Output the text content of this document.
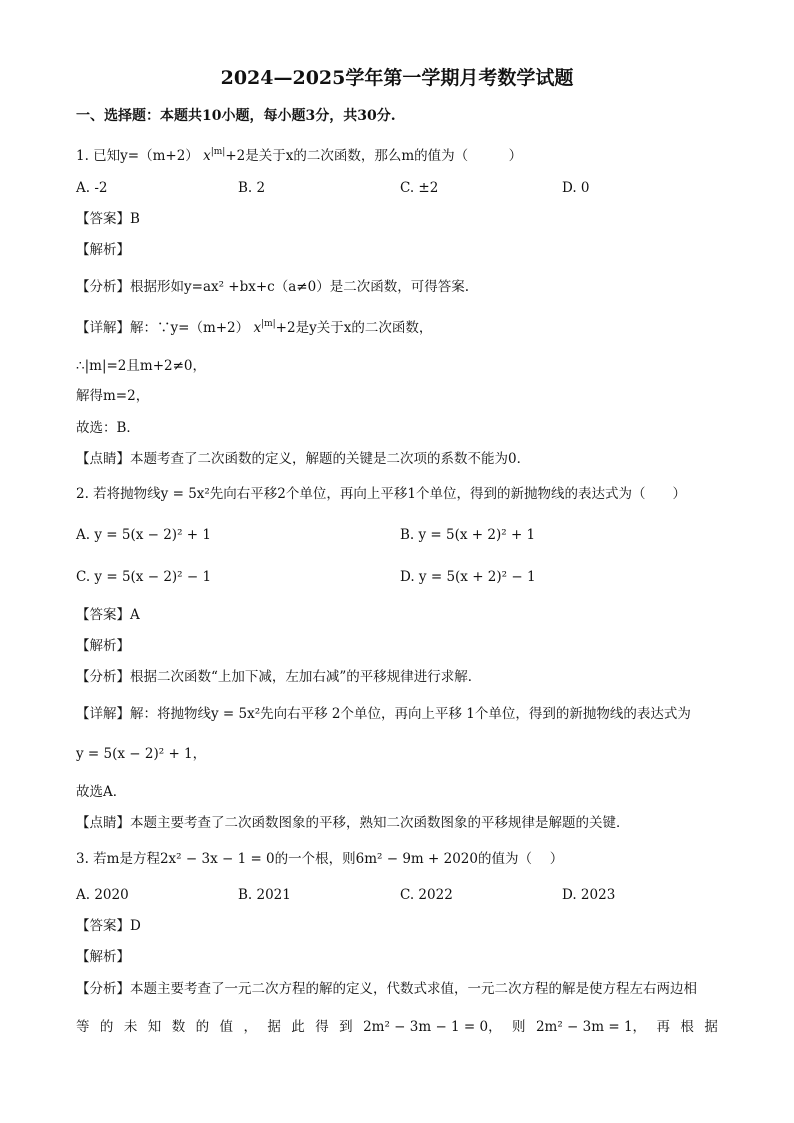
2024—2025学年第一学期月考数学试题
一、选择题：本题共10小题，每小题3分，共30分.
1. 已知y=（m+2） $x^{|m|}+2$是关于x的二次函数，那么m的值为（　　　）
A. -2	B. 2	C. ±2	D. 0
【答案】B
【解析】
【分析】根据形如y=ax² +bx+c（a≠0）是二次函数，可得答案.
【详解】解：∵y=（m+2） $x^{|m|}+2$是y关于x的二次函数，
∴|m|=2且m+2≠0，
解得m=2，
故选：B．
【点睛】本题考查了二次函数的定义，解题的关键是二次项的系数不能为0．
2. 若将抛物线y = 5x²先向右平移2个单位，再向上平移1个单位，得到的新抛物线的表达式为（　　）
A. y = 5(x − 2)² + 1	B. y = 5(x + 2)² + 1
C. y = 5(x − 2)² − 1	D. y = 5(x + 2)² − 1
【答案】A
【解析】
【分析】根据二次函数“上加下减，左加右减”的平移规律进行求解．
【详解】解：将抛物线y = 5x²先向右平移 2个单位，再向上平移 1个单位，得到的新抛物线的表达式为
y = 5(x − 2)² + 1，
故选A．
【点睛】本题主要考查了二次函数图象的平移，熟知二次函数图象的平移规律是解题的关键．
3. 若m是方程2x² − 3x − 1 = 0的一个根，则6m² − 9m + 2020的值为（　 ）
A. 2020	B. 2021	C. 2022	D. 2023
【答案】D
【解析】
【分析】本题主要考查了一元二次方程的解的定义，代数式求值，一元二次方程的解是使方程左右两边相
等 的 未 知 数 的 值 ， 据 此 得 到 2m² − 3m − 1 = 0， 则 2m² − 3m = 1， 再 根 据
